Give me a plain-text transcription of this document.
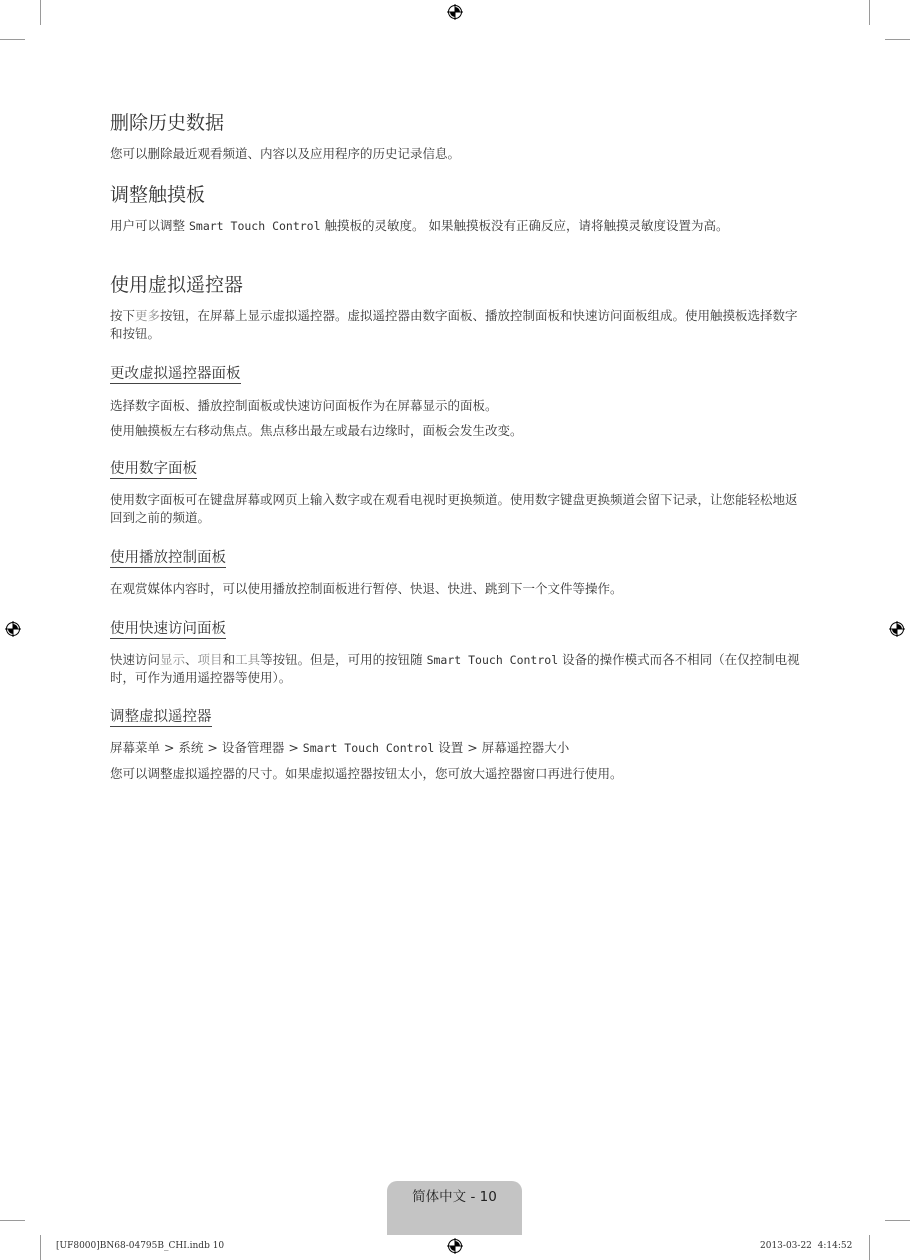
删除历史数据
您可以删除最近观看频道、内容以及应用程序的历史记录信息。
调整触摸板
用户可以调整 Smart Touch Control 触摸板的灵敏度。 如果触摸板没有正确反应，请将触摸灵敏度设置为高。
使用虚拟遥控器
按下更多按钮，在屏幕上显示虚拟遥控器。虚拟遥控器由数字面板、播放控制面板和快速访问面板组成。使用触摸板选择数字和按钮。
更改虚拟遥控器面板
选择数字面板、播放控制面板或快速访问面板作为在屏幕显示的面板。
使用触摸板左右移动焦点。焦点移出最左或最右边缘时，面板会发生改变。
使用数字面板
使用数字面板可在键盘屏幕或网页上输入数字或在观看电视时更换频道。使用数字键盘更换频道会留下记录，让您能轻松地返回到之前的频道。
使用播放控制面板
在观赏媒体内容时，可以使用播放控制面板进行暂停、快退、快进、跳到下一个文件等操作。
使用快速访问面板
快速访问显示、项目和工具等按钮。但是，可用的按钮随 Smart Touch Control 设备的操作模式而各不相同（在仅控制电视时，可作为通用遥控器等使用）。
调整虚拟遥控器
屏幕菜单 > 系统 > 设备管理器 > Smart Touch Control 设置 > 屏幕遥控器大小
您可以调整虚拟遥控器的尺寸。如果虚拟遥控器按钮太小，您可放大遥控器窗口再进行使用。
简体中文 - 10
[UF8000]BN68-04795B_CHI.indb 10	2013-03-22 ￼ 4:14:52
